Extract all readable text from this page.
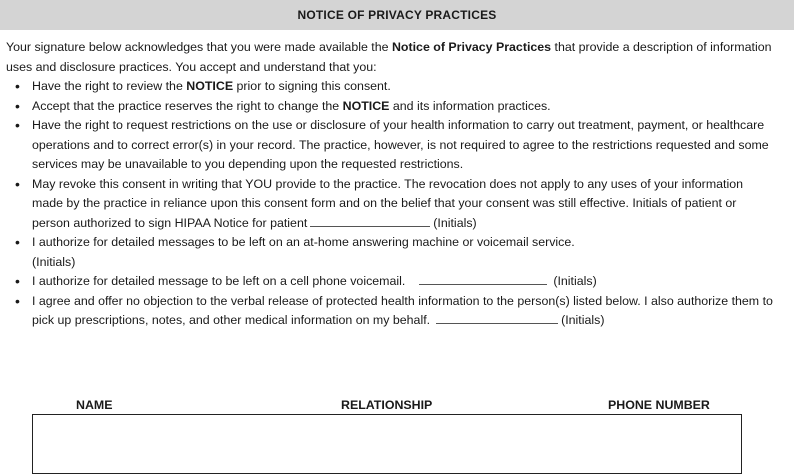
NOTICE OF PRIVACY PRACTICES

Your signature below acknowledges that you were made available the Notice of Privacy Practices that provide a description of information uses and disclosure practices. You accept and understand that you:

• Have the right to review the NOTICE prior to signing this consent.
• Accept that the practice reserves the right to change the NOTICE and its information practices.
• Have the right to request restrictions on the use or disclosure of your health information to carry out treatment, payment, or healthcare operations and to correct error(s) in your record. The practice, however, is not required to agree to the restrictions requested and some services may be unavailable to you depending upon the requested restrictions.
• May revoke this consent in writing that YOU provide to the practice. The revocation does not apply to any uses of your information made by the practice in reliance upon this consent form and on the belief that your consent was still effective. Initials of patient or person authorized to sign HIPAA Notice for patient	(Initials)
• I authorize for detailed messages to be left on an at-home answering machine or voicemail service.
(Initials)
• I authorize for detailed message to be left on a cell phone voicemail.	(Initials)
• I agree and offer no objection to the verbal release of protected health information to the person(s) listed below. I also authorize them to pick up prescriptions, notes, and other medical information on my behalf.	(Initials)
NAME	RELATIONSHIP	PHONE NUMBER
